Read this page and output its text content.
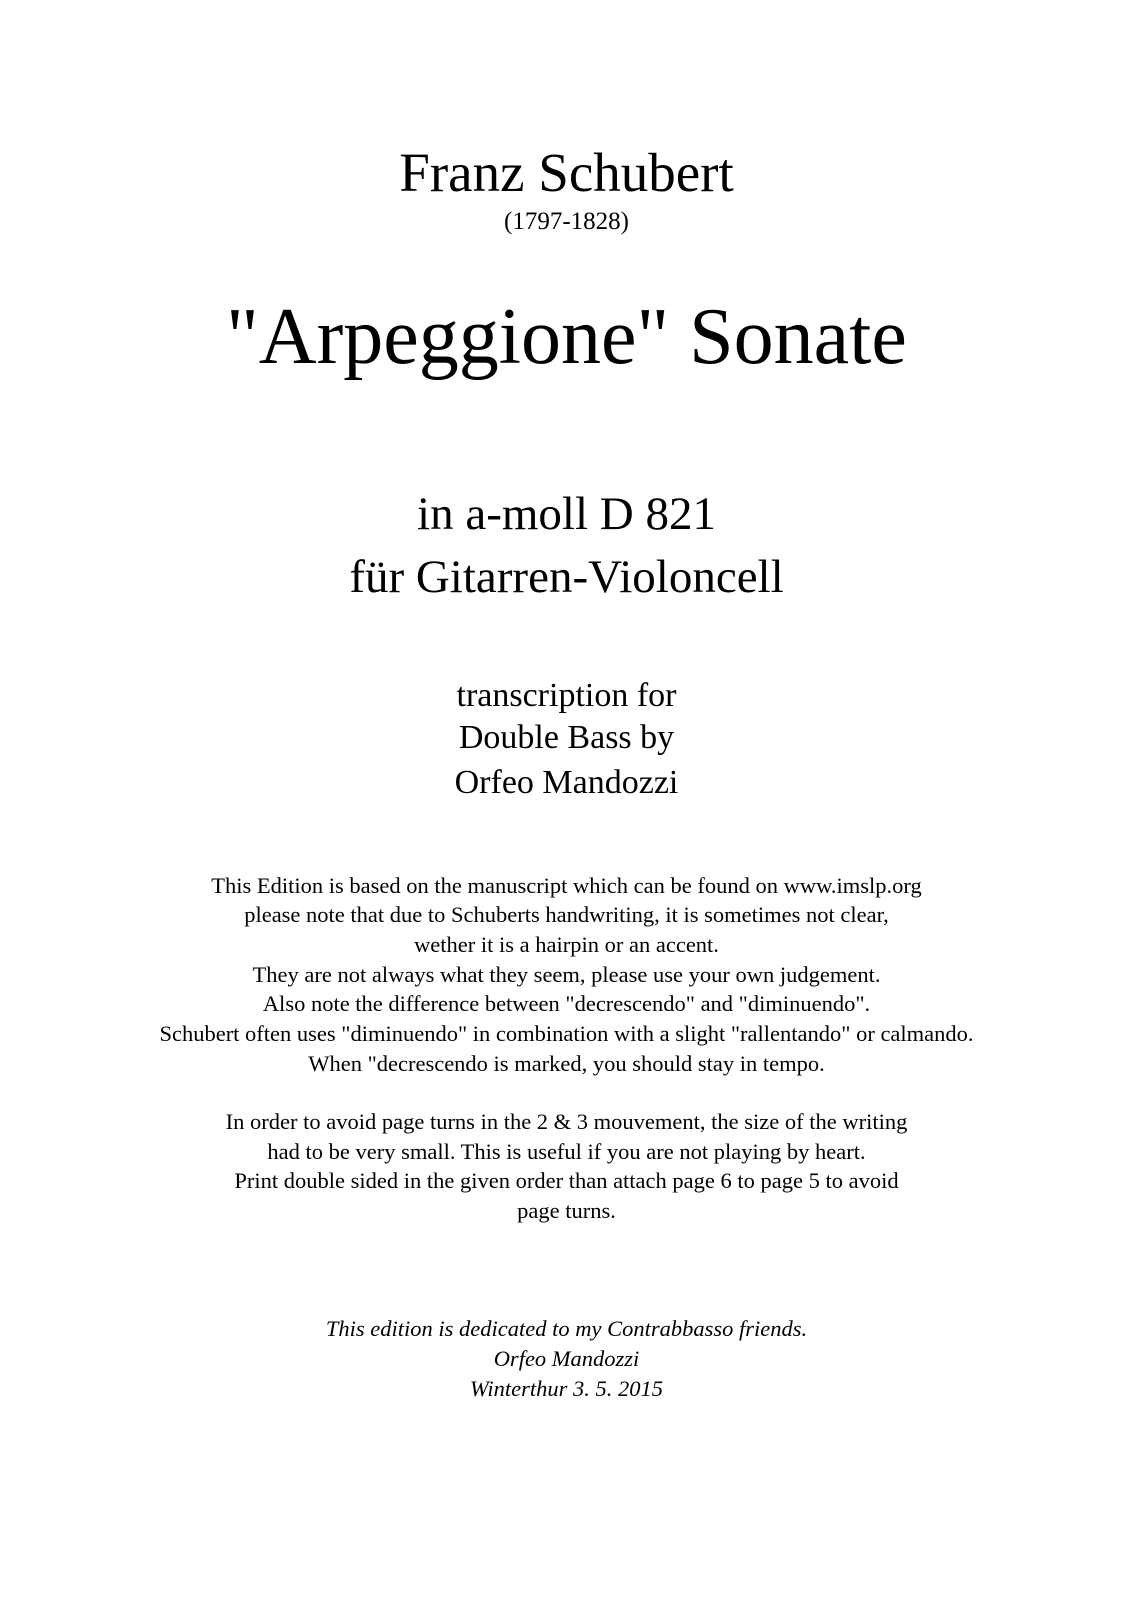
Franz Schubert
(1797-1828)
"Arpeggione" Sonate
in a-moll D 821
für Gitarren-Violoncell
transcription for
Double Bass by
Orfeo Mandozzi
This Edition is based on the manuscript which can be found on www.imslp.org
please note that due to Schuberts handwriting, it is sometimes not clear,
wether it is a hairpin or an accent.
They are not always what they seem, please use your own judgement.
Also note the difference between "decrescendo" and "diminuendo".
Schubert often uses "diminuendo" in combination with a slight "rallentando" or calmando.
When "decrescendo is marked, you should stay in tempo.
In order to avoid page turns in the 2 & 3 mouvement, the size of the writing
had to be very small. This is useful if you are not playing by heart.
Print double sided in the given order than attach page 6 to page 5 to avoid
page turns.
This edition is dedicated to my Contrabbasso friends.
Orfeo Mandozzi
Winterthur 3. 5. 2015
